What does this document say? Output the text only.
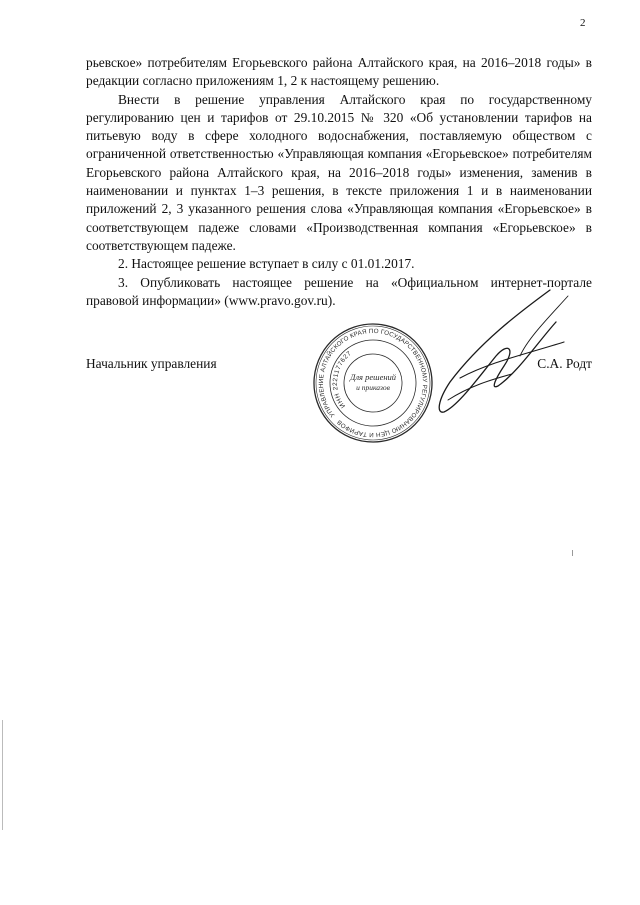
2

рьевское» потребителям Егорьевского района Алтайского края, на 2016–2018 годы» в редакции согласно приложениям 1, 2 к настоящему решению.

Внести в решение управления Алтайского края по государственному регулированию цен и тарифов от 29.10.2015 № 320 «Об установлении тарифов на питьевую воду в сфере холодного водоснабжения, поставляемую обществом с ограниченной ответственностью «Управляющая компания «Егорьевское» потребителям Егорьевского района Алтайского края, на 2016–2018 годы» изменения, заменив в наименовании и пунктах 1–3 решения, в тексте приложения 1 и в наименовании приложений 2, 3 указанного решения слова «Управляющая компания «Егорьевское» в соответствующем падеже словами «Производственная компания «Егорьевское» в соответствующем падеже.

2. Настоящее решение вступает в силу с 01.01.2017.

3. Опубликовать настоящее решение на «Официальном интернет-портале правовой информации» (www.pravo.gov.ru).

Начальник управления	С.А. Родт
УПРАВЛЕНИЕ АЛТАЙСКОГО КРАЯ ПО ГОСУДАРСТВЕННОМУ РЕГУЛИРОВАНИЮ ЦЕН И ТАРИФОВ
ИНН 2221177627
Для решений
и приказов
